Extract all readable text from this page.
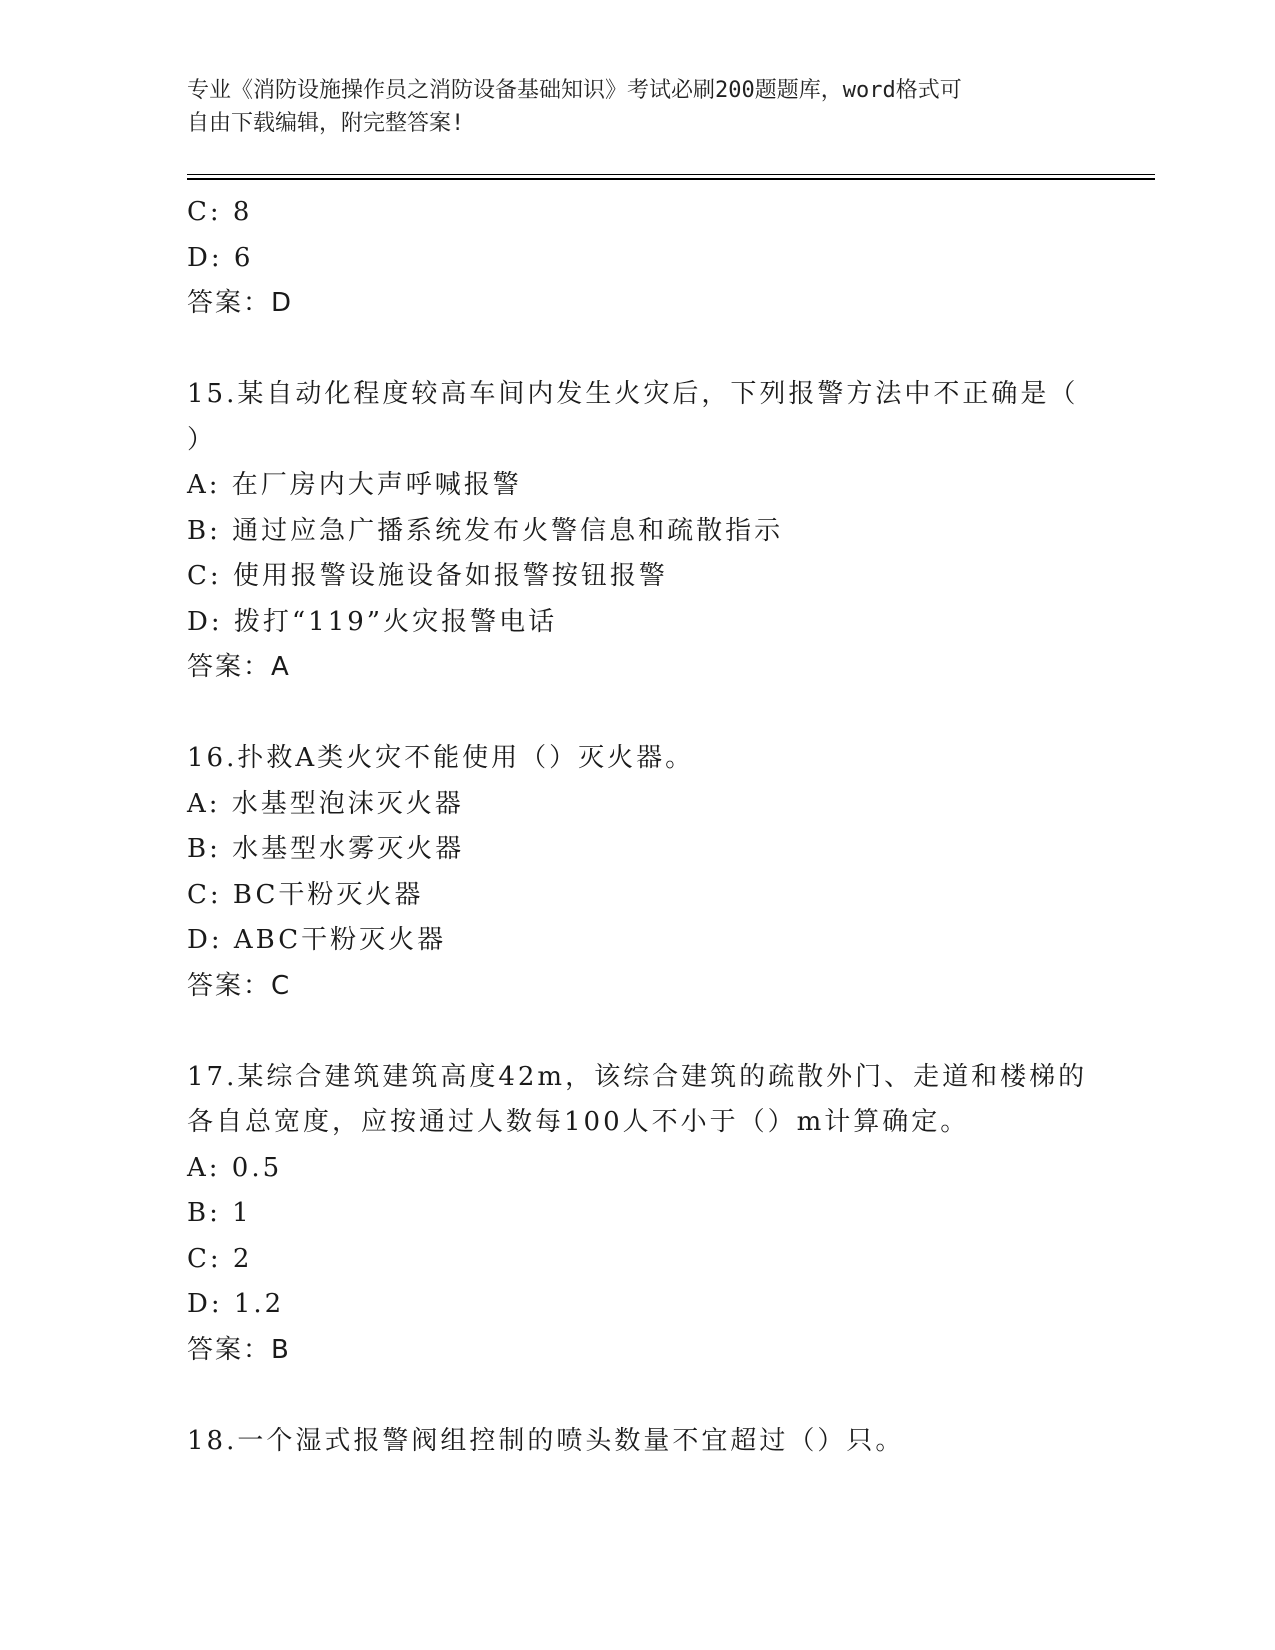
专业《消防设施操作员之消防设备基础知识》考试必刷200题题库，word格式可
自由下载编辑，附完整答案!
C: 8
D: 6
答案：D
15.某自动化程度较高车间内发生火灾后，下列报警方法中不正确是（
）
A: 在厂房内大声呼喊报警
B: 通过应急广播系统发布火警信息和疏散指示
C: 使用报警设施设备如报警按钮报警
D: 拨打“119”火灾报警电话
答案：A
16.扑救A类火灾不能使用（）灭火器。
A: 水基型泡沫灭火器
B: 水基型水雾灭火器
C: BC干粉灭火器
D: ABC干粉灭火器
答案：C
17.某综合建筑建筑高度42m，该综合建筑的疏散外门、走道和楼梯的
各自总宽度，应按通过人数每100人不小于（）m计算确定。
A: 0.5
B: 1
C: 2
D: 1.2
答案：B
18.一个湿式报警阀组控制的喷头数量不宜超过（）只。
